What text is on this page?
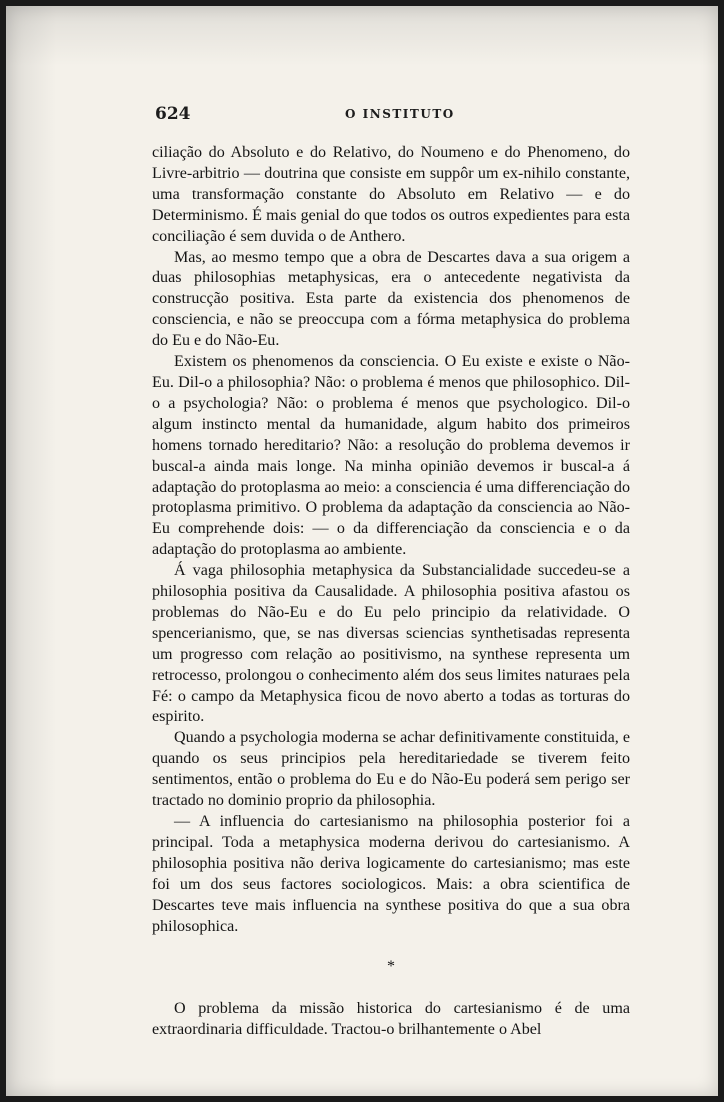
624	O INSTITUTO

ciliação do Absoluto e do Relativo, do Noumeno e do Phenomeno, do Livre-arbitrio — doutrina que consiste em suppôr um ex-nihilo constante, uma transformação constante do Absoluto em Relativo — e do Determinismo. É mais genial do que todos os outros expedientes para esta conciliação é sem duvida o de Anthero.

Mas, ao mesmo tempo que a obra de Descartes dava a sua origem a duas philosophias metaphysicas, era o antecedente negativista da construcção positiva. Esta parte da existencia dos phenomenos de consciencia, e não se preoccupa com a fórma metaphysica do problema do Eu e do Não-Eu.

Existem os phenomenos da consciencia. O Eu existe e existe o Não-Eu. Dil-o a philosophia? Não: o problema é menos que philosophico. Dil-o a psychologia? Não: o problema é menos que psychologico. Dil-o algum instincto mental da humanidade, algum habito dos primeiros homens tornado hereditario? Não: a resolução do problema devemos ir buscal-a ainda mais longe. Na minha opinião devemos ir buscal-a á adaptação do protoplasma ao meio: a consciencia é uma differenciação do protoplasma primitivo. O problema da adaptação da consciencia ao Não-Eu comprehende dois: — o da differenciação da consciencia e o da adaptação do protoplasma ao ambiente.

Á vaga philosophia metaphysica da Substancialidade succedeu-se a philosophia positiva da Causalidade. A philosophia positiva afastou os problemas do Não-Eu e do Eu pelo principio da relatividade. O spencerianismo, que, se nas diversas sciencias synthetisadas representa um progresso com relação ao positivismo, na synthese representa um retrocesso, prolongou o conhecimento além dos seus limites naturaes pela Fé: o campo da Metaphysica ficou de novo aberto a todas as torturas do espirito.

Quando a psychologia moderna se achar definitivamente constituida, e quando os seus principios pela hereditariedade se tiverem feito sentimentos, então o problema do Eu e do Não-Eu poderá sem perigo ser tractado no dominio proprio da philosophia.

— A influencia do cartesianismo na philosophia posterior foi a principal. Toda a metaphysica moderna derivou do cartesianismo. A philosophia positiva não deriva logicamente do cartesianismo; mas este foi um dos seus factores sociologicos. Mais: a obra scientifica de Descartes teve mais influencia na synthese positiva do que a sua obra philosophica.

*

O problema da missão historica do cartesianismo é de uma extraordinaria difficuldade. Tractou-o brilhantemente o Abel
